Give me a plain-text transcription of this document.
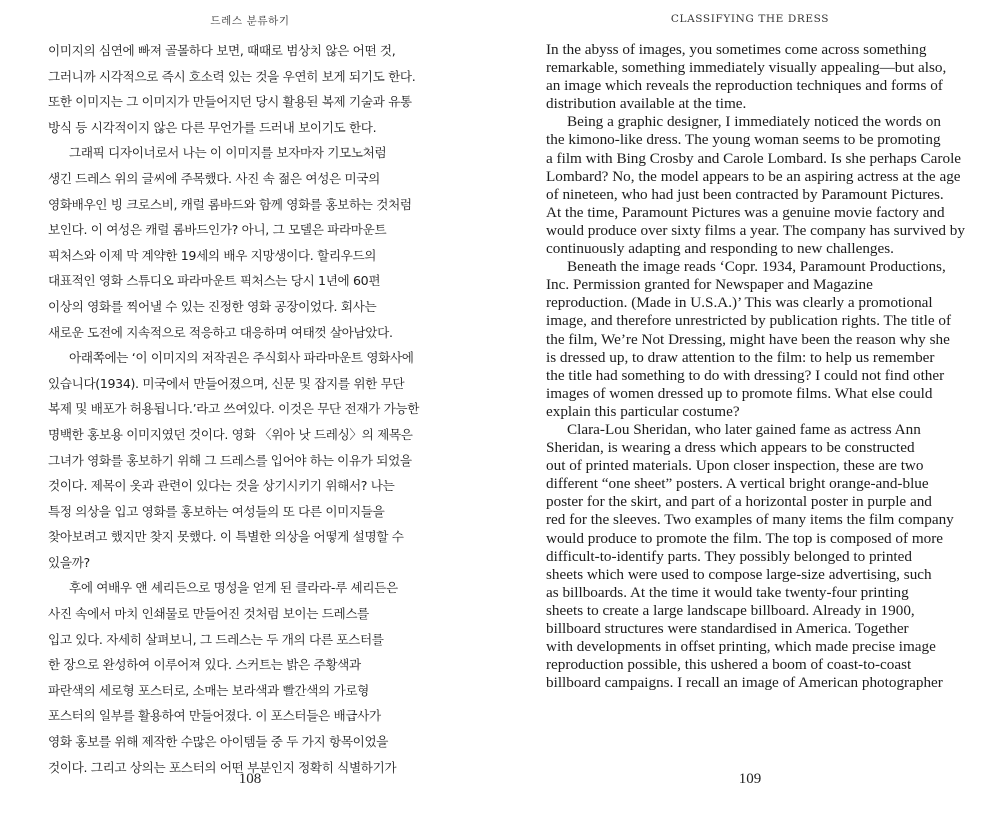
드레스 분류하기
108
이미지의 심연에 빠져 골몰하다 보면, 때때로 범상치 않은 어떤 것,
그러니까 시각적으로 즉시 호소력 있는 것을 우연히 보게 되기도 한다.
또한 이미지는 그 이미지가 만들어지던 당시 활용된 복제 기술과 유통
방식 등 시각적이지 않은 다른 무언가를 드러내 보이기도 한다.
그래픽 디자이너로서 나는 이 이미지를 보자마자 기모노처럼
생긴 드레스 위의 글씨에 주목했다. 사진 속 젊은 여성은 미국의
영화배우인 빙 크로스비, 캐럴 롬바드와 함께 영화를 홍보하는 것처럼
보인다. 이 여성은 캐럴 롬바드인가? 아니, 그 모델은 파라마운트
픽처스와 이제 막 계약한 19세의 배우 지망생이다. 할리우드의
대표적인 영화 스튜디오 파라마운트 픽처스는 당시 1년에 60편
이상의 영화를 찍어낼 수 있는 진정한 영화 공장이었다. 회사는
새로운 도전에 지속적으로 적응하고 대응하며 여태껏 살아남았다.
아래쪽에는 ‘이 이미지의 저작권은 주식회사 파라마운트 영화사에
있습니다(1934). 미국에서 만들어졌으며, 신문 및 잡지를 위한 무단
복제 및 배포가 허용됩니다.’라고 쓰여있다. 이것은 무단 전재가 가능한
명백한 홍보용 이미지였던 것이다. 영화 〈위아 낫 드레싱〉의 제목은
그녀가 영화를 홍보하기 위해 그 드레스를 입어야 하는 이유가 되었을
것이다. 제목이 옷과 관련이 있다는 것을 상기시키기 위해서? 나는
특정 의상을 입고 영화를 홍보하는 여성들의 또 다른 이미지들을
찾아보려고 했지만 찾지 못했다. 이 특별한 의상을 어떻게 설명할 수
있을까?
후에 여배우 앤 셰리든으로 명성을 얻게 된 클라라-루 셰리든은
사진 속에서 마치 인쇄물로 만들어진 것처럼 보이는 드레스를
입고 있다. 자세히 살펴보니, 그 드레스는 두 개의 다른 포스터를
한 장으로 완성하여 이루어져 있다. 스커트는 밝은 주황색과
파란색의 세로형 포스터로, 소매는 보라색과 빨간색의 가로형
포스터의 일부를 활용하여 만들어졌다. 이 포스터들은 배급사가
영화 홍보를 위해 제작한 수많은 아이템들 중 두 가지 항목이었을
것이다. 그리고 상의는 포스터의 어떤 부분인지 정확히 식별하기가
CLASSIFYING THE DRESS
109
In the abyss of images, you sometimes come across something
remarkable, something immediately visually appealing—but also,
an image which reveals the reproduction techniques and forms of
distribution available at the time.
Being a graphic designer, I immediately noticed the words on
the kimono-like dress. The young woman seems to be promoting
a film with Bing Crosby and Carole Lombard. Is she perhaps Carole
Lombard? No, the model appears to be an aspiring actress at the age
of nineteen, who had just been contracted by Paramount Pictures.
At the time, Paramount Pictures was a genuine movie factory and
would produce over sixty films a year. The company has survived by
continuously adapting and responding to new challenges.
Beneath the image reads ‘Copr. 1934, Paramount Productions,
Inc. Permission granted for Newspaper and Magazine
reproduction. (Made in U.S.A.)’ This was clearly a promotional
image, and therefore unrestricted by publication rights. The title of
the film, We’re Not Dressing, might have been the reason why she
is dressed up, to draw attention to the film: to help us remember
the title had something to do with dressing? I could not find other
images of women dressed up to promote films. What else could
explain this particular costume?
Clara-Lou Sheridan, who later gained fame as actress Ann
Sheridan, is wearing a dress which appears to be constructed
out of printed materials. Upon closer inspection, these are two
different “one sheet” posters. A vertical bright orange-and-blue
poster for the skirt, and part of a horizontal poster in purple and
red for the sleeves. Two examples of many items the film company
would produce to promote the film. The top is composed of more
difficult-to-identify parts. They possibly belonged to printed
sheets which were used to compose large-size advertising, such
as billboards. At the time it would take twenty-four printing
sheets to create a large landscape billboard. Already in 1900,
billboard structures were standardised in America. Together
with developments in offset printing, which made precise image
reproduction possible, this ushered a boom of coast-to-coast
billboard campaigns. I recall an image of American photographer
